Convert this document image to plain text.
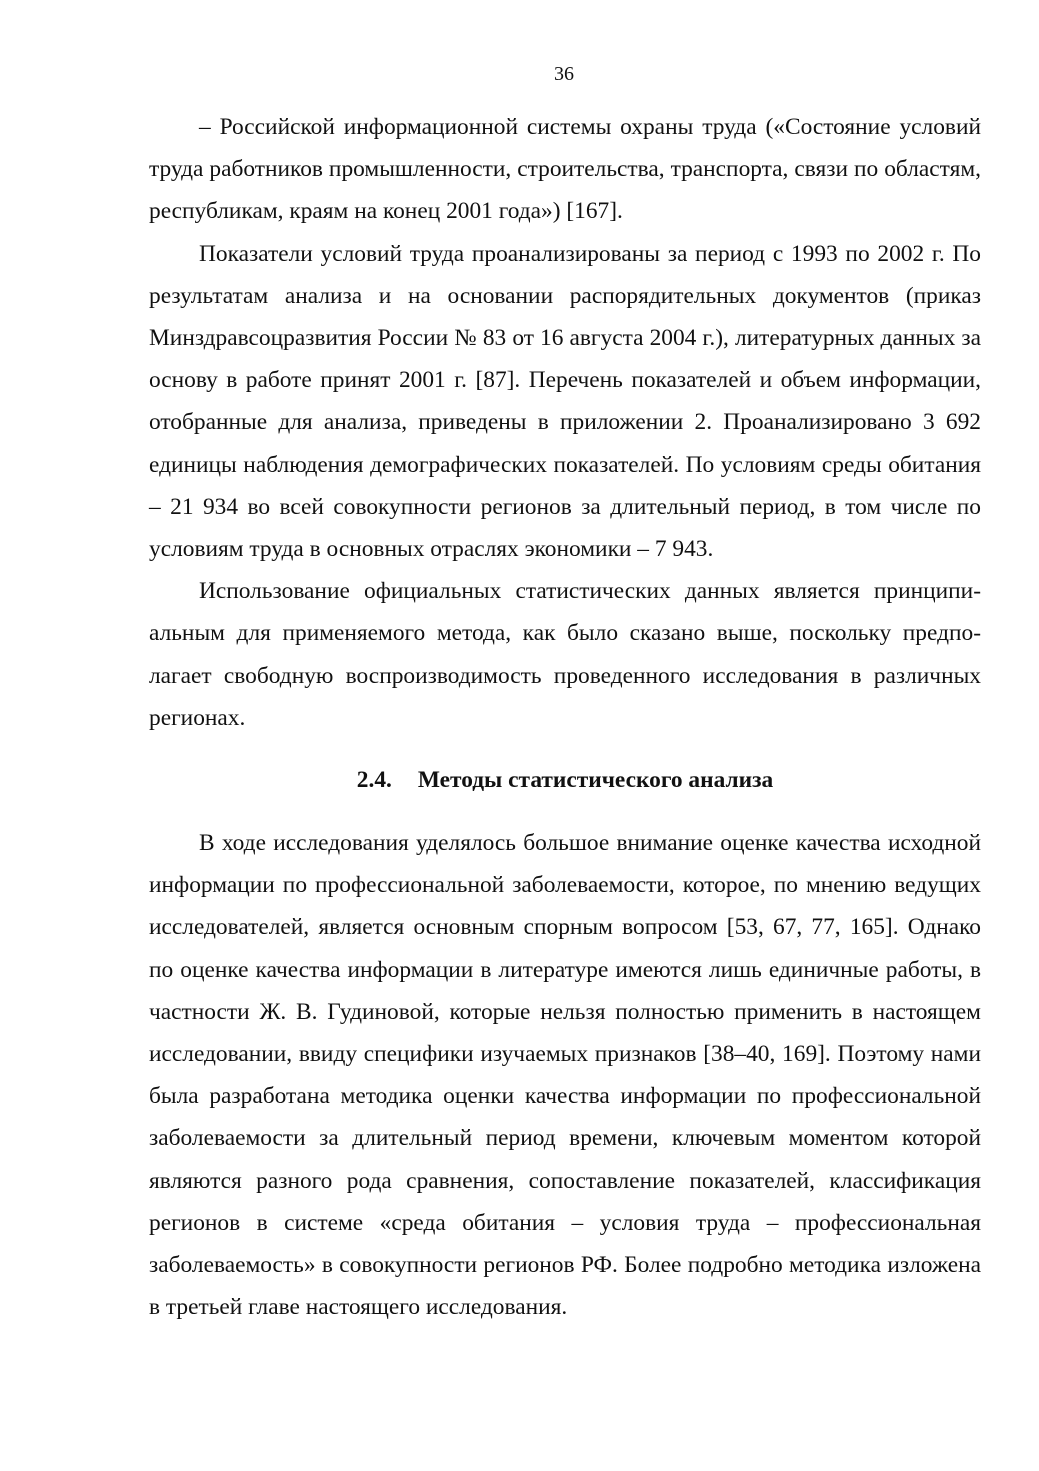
36

– Российской информационной системы охраны труда («Состояние условий труда работников промышленности, строительства, транспорта, связи по областям, республикам, краям на конец 2001 года») [167].

Показатели условий труда проанализированы за период с 1993 по 2002 г. По результатам анализа и на основании распорядительных документов (приказ Минздравсоцразвития России № 83 от 16 августа 2004 г.), литературных данных за основу в работе принят 2001 г. [87]. Перечень показателей и объем информации, отобранные для анализа, приведены в приложении 2. Проанализировано 3 692 единицы наблюдения демографических показателей. По условиям среды обитания – 21 934 во всей совокупности регионов за длительный период, в том числе по условиям труда в основных отраслях экономики – 7 943.

Использование официальных статистических данных является принципиальным для применяемого метода, как было сказано выше, поскольку предполагает свободную воспроизводимость проведенного исследования в различных регионах.

2.4. Методы статистического анализа

В ходе исследования уделялось большое внимание оценке качества исходной информации по профессиональной заболеваемости, которое, по мнению ведущих исследователей, является основным спорным вопросом [53, 67, 77, 165]. Однако по оценке качества информации в литературе имеются лишь единичные работы, в частности Ж. В. Гудиновой, которые нельзя полностью применить в настоящем исследовании, ввиду специфики изучаемых признаков [38–40, 169]. Поэтому нами была разработана методика оценки качества информации по профессиональной заболеваемости за длительный период времени, ключевым моментом которой являются разного рода сравнения, сопоставление показателей, классификация регионов в системе «среда обитания – условия труда – профессиональная заболеваемость» в совокупности регионов РФ. Более подробно методика изложена в третьей главе настоящего исследования.
